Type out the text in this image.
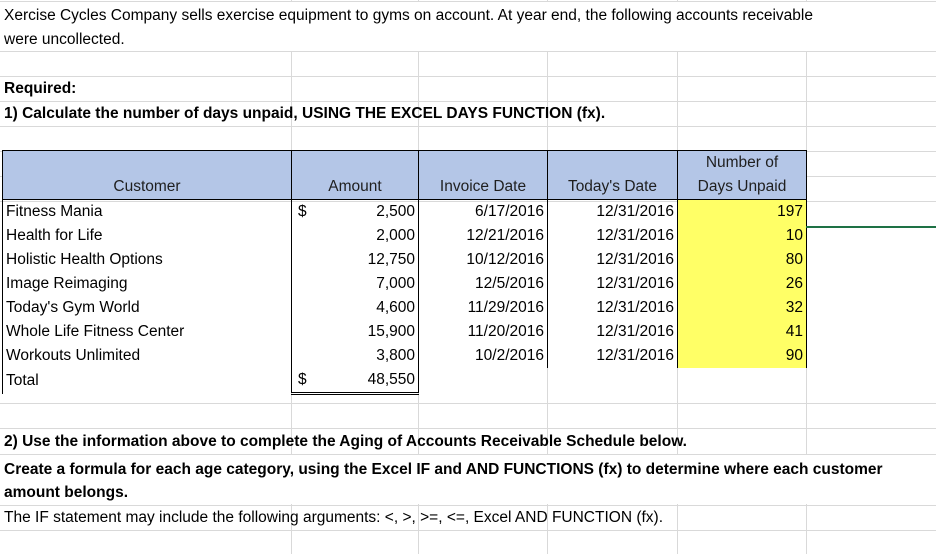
Xercise Cycles Company sells exercise equipment to gyms on account. At year end, the following accounts receivable
were uncollected.
Required:
1) Calculate the number of days unpaid, USING THE EXCEL DAYS FUNCTION (fx).
				Number of
Customer	Amount	Invoice Date	Today's Date	Days Unpaid
Fitness Mania	$ 2,500	6/17/2016	12/31/2016	197
Health for Life	2,000	12/21/2016	12/31/2016	10
Holistic Health Options	12,750	10/12/2016	12/31/2016	80
Image Reimaging	7,000	12/5/2016	12/31/2016	26
Today's Gym World	4,600	11/29/2016	12/31/2016	32
Whole Life Fitness Center	15,900	11/20/2016	12/31/2016	41
Workouts Unlimited	3,800	10/2/2016	12/31/2016	90
Total	$ 48,550			
2) Use the information above to complete the Aging of Accounts Receivable Schedule below.
Create a formula for each age category, using the Excel IF and AND FUNCTIONS (fx) to determine where each customer
amount belongs.
The IF statement may include the following arguments: <, >, >=, <=, Excel AND FUNCTION (fx).
